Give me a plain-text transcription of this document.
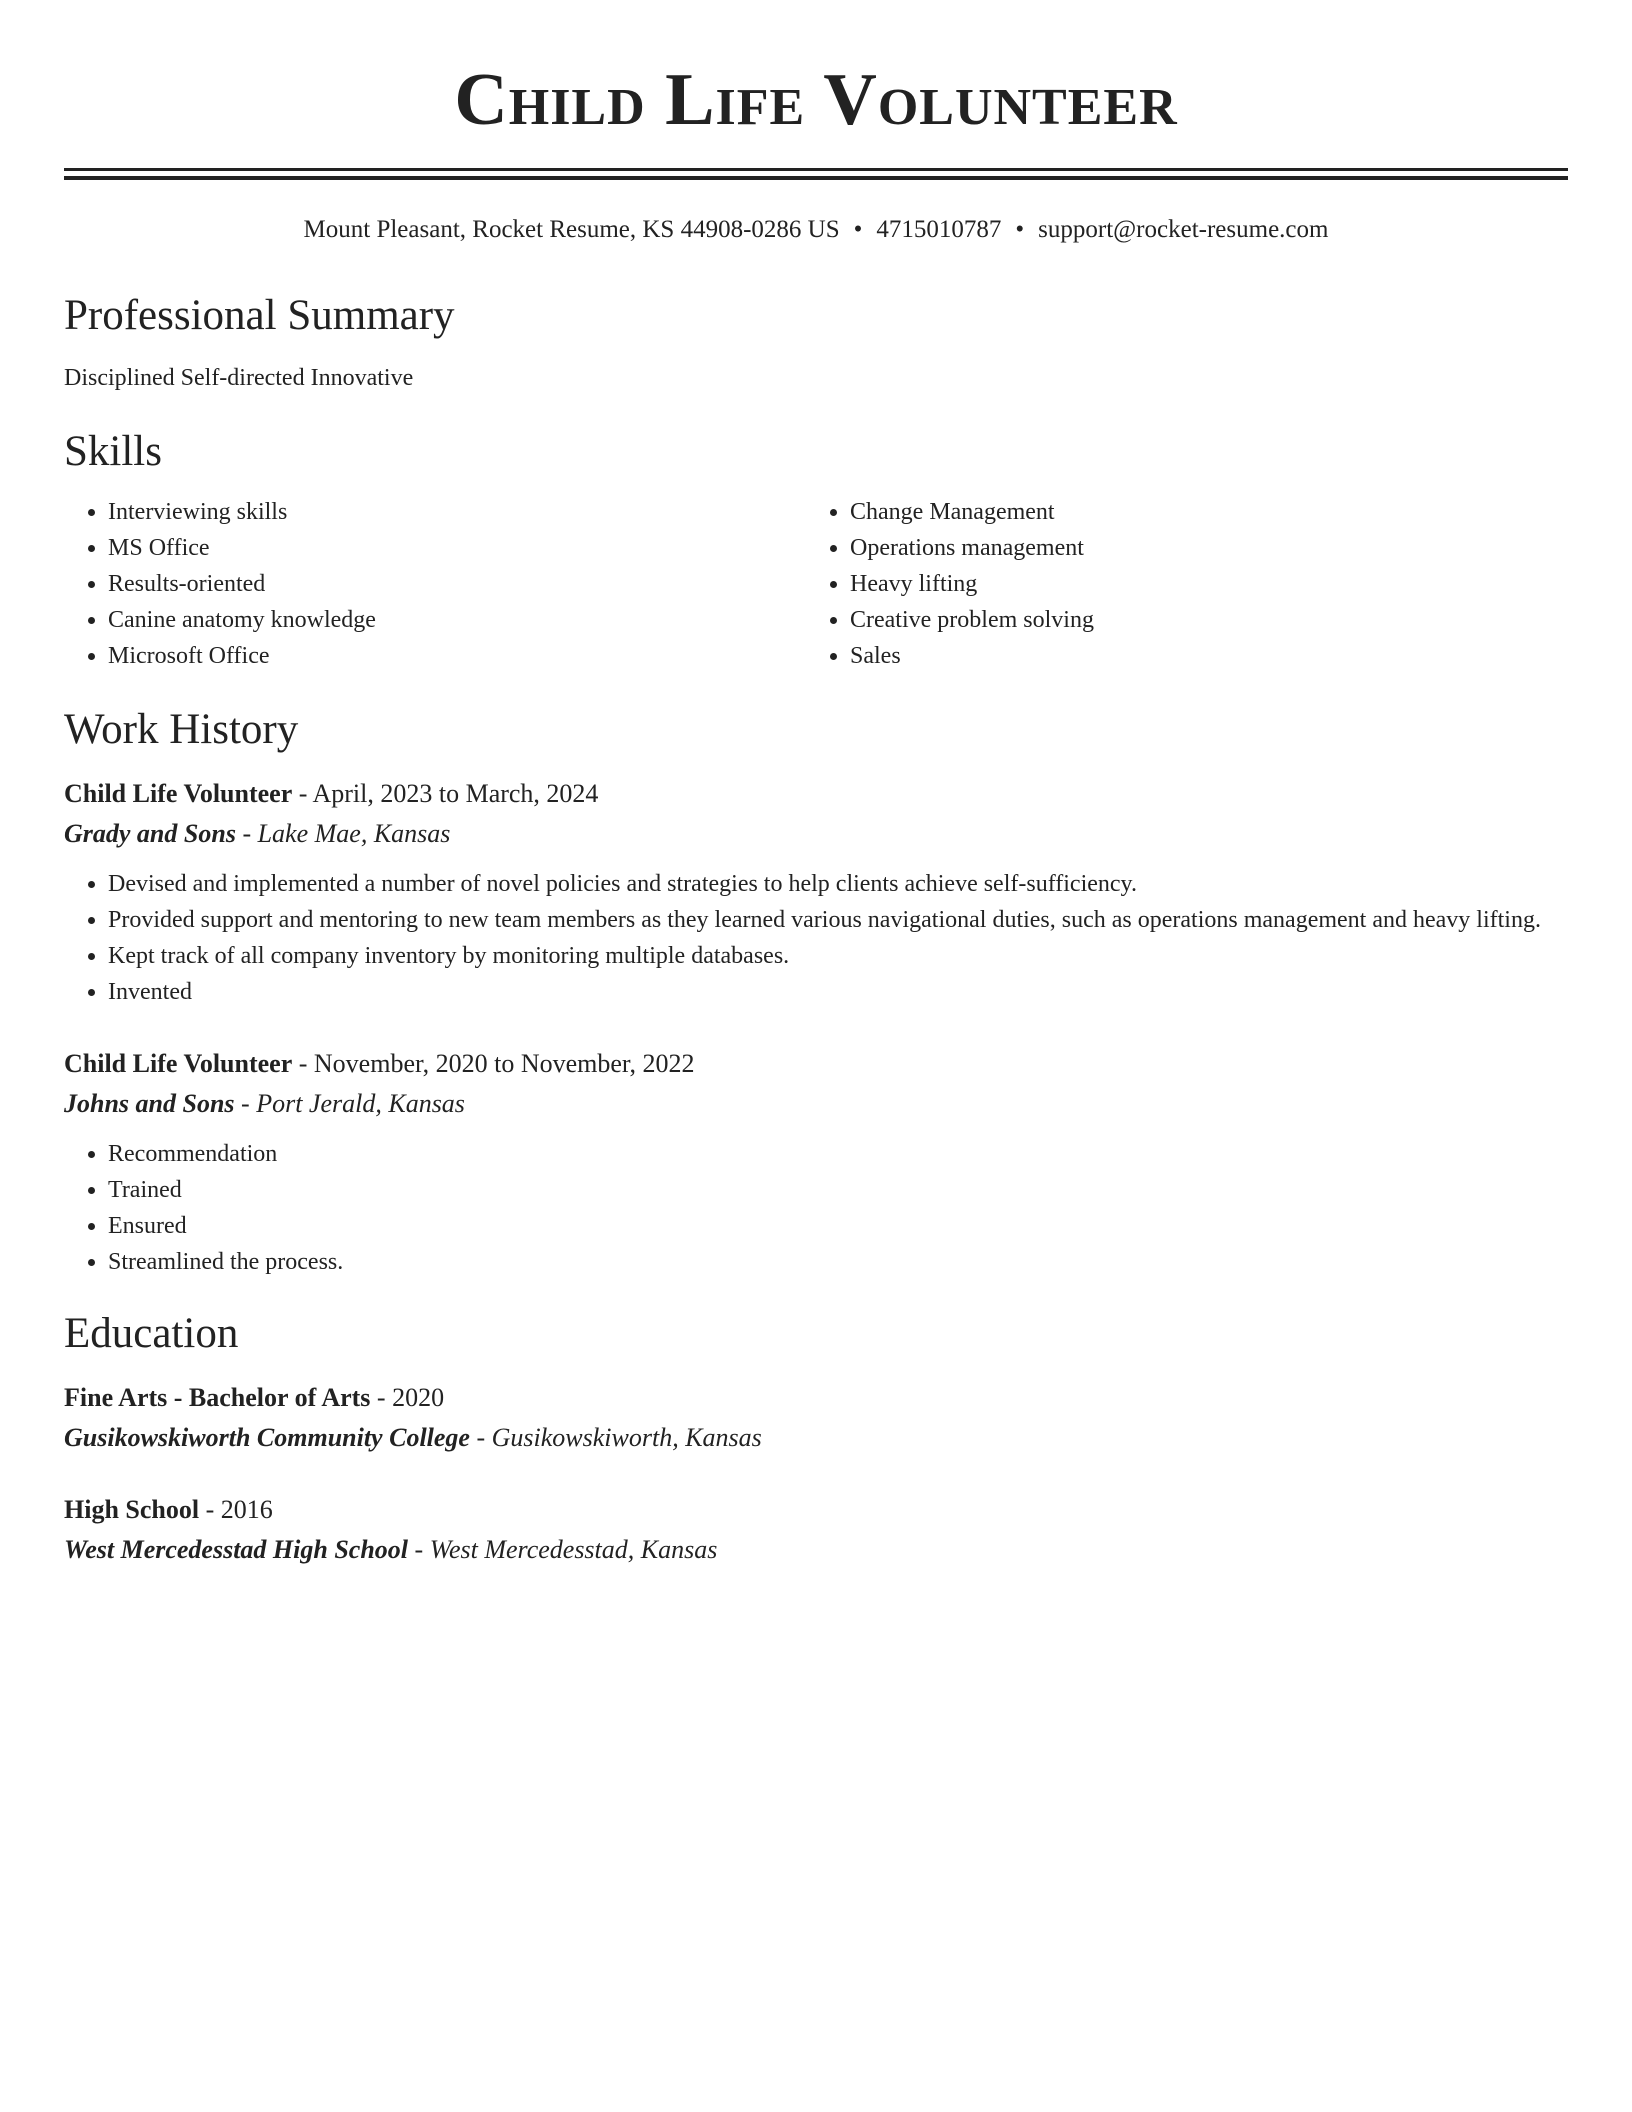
Child Life Volunteer
Mount Pleasant, Rocket Resume, KS 44908-0286 US • 4715010787 • support@rocket-resume.com
Professional Summary
Disciplined Self-directed Innovative
Skills
• Interviewing skills
• MS Office
• Results-oriented
• Canine anatomy knowledge
• Microsoft Office
• Change Management
• Operations management
• Heavy lifting
• Creative problem solving
• Sales
Work History
Child Life Volunteer - April, 2023 to March, 2024
Grady and Sons - Lake Mae, Kansas
• Devised and implemented a number of novel policies and strategies to help clients achieve self-sufficiency.
• Provided support and mentoring to new team members as they learned various navigational duties, such as operations management and heavy lifting.
• Kept track of all company inventory by monitoring multiple databases.
• Invented
Child Life Volunteer - November, 2020 to November, 2022
Johns and Sons - Port Jerald, Kansas
• Recommendation
• Trained
• Ensured
• Streamlined the process.
Education
Fine Arts - Bachelor of Arts - 2020
Gusikowskiworth Community College - Gusikowskiworth, Kansas
High School - 2016
West Mercedesstad High School - West Mercedesstad, Kansas
